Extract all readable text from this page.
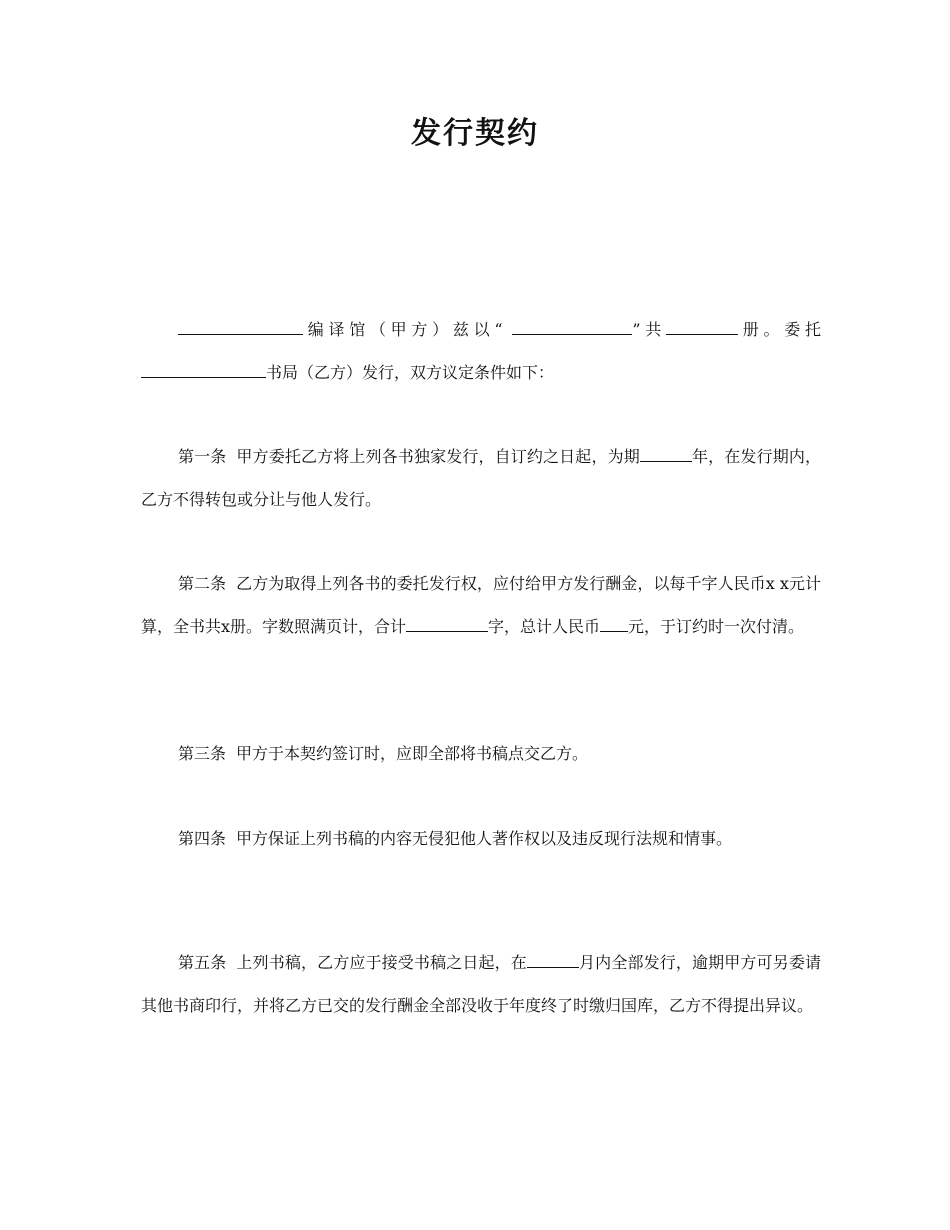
发行契约

编译馆（甲方）兹以“	”共	册。委托书局（乙方）发行，双方议定条件如下：

第一条 甲方委托乙方将上列各书独家发行，自订约之日起，为期	年，在发行期内，乙方不得转包或分让与他人发行。

第二条 乙方为取得上列各书的委托发行权，应付给甲方发行酬金，以每千字人民币x x元计算，全书共x册。字数照满页计，合计	字，总计人民币 元，于订约时一次付清。

第三条 甲方于本契约签订时，应即全部将书稿点交乙方。

第四条 甲方保证上列书稿的内容无侵犯他人著作权以及违反现行法规和情事。

第五条 上列书稿，乙方应于接受书稿之日起，在	月内全部发行，逾期甲方可另委请其他书商印行，并将乙方已交的发行酬金全部没收于年度终了时缴归国库，乙方不得提出异议。
